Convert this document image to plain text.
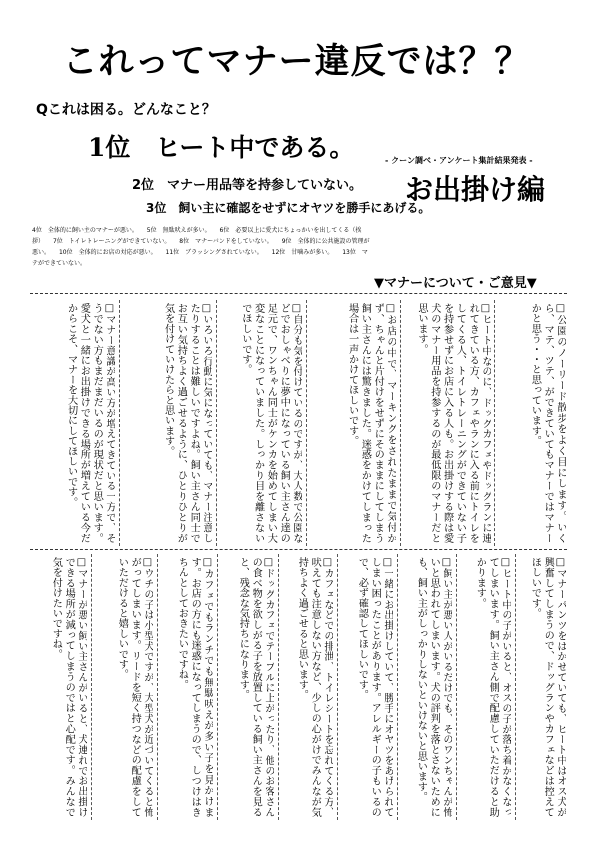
これってマナー違反では？？
Qこれは困る。どんなこと？
1位　ヒート中である。
2位　マナー用品等を持参していない。
3位　飼い主に確認をせずにオヤツを勝手にあげる。
- クーン調べ・アンケート集計結果発表 -
お出掛け編
4位　全体的に飼い主のマナーが悪い。 5位　無駄吠えが多い。 6位　必要以上に愛犬にちょっかいを出してくる（挨拶） 7位　トイレトレーニングができていない。 8位　マナーバンドをしていない。 9位　全体的に公共施設の管理が悪い。 10位　全体的にお店の対応が悪い。 11位　ブラッシングされていない。 12位　甘噛みが多い。 13位　マテができていない。
▼マナーについて・ご意見▼
□公園のノーリード散歩をよく目にします。いくら、マテ、ツテ、ができていてもマナーではマナーかと思う・・と思っています。
□ヒート中なのに、ドッグカフェやドッグランに連れてきている方、カフェやランに入る前にトイレをしてくる人、トイレトレーニングができていない子を持参せずにお店に入る人も。お出掛けする際は愛犬のマナー用品を持参するのが最低限のマナーだと思います。
□お店の中で、マーキングをされたままで気付かず、ちゃんと片付けをせずにそのままにしてしまう飼い主さんには驚きました。迷惑をかけてしまった場合は一声かけてほしいです。
□自分も気を付けているのですが、大人数で公園などでおしゃべりに夢中になっている飼い主さん達の足元で、ワンちゃん同士がケンカを始めてしまい大変なことになっていました。しっかり目を離さないでほしいです。
□いろいろ行動に気になっていても、マナー注意したりすることは難しいですよね。飼い主さん同士でお互い気持ちよく過ごせるように、ひとりひとりが気を付けていけたらと思います。
□マナー意識が高い方が増えてきている一方で、そうでない方もまだまだいるのが現状だと思います。愛犬と一緒にお出掛けできる場所が増えている今だからこそ、マナーを大切にしてほしいです。
□マナーパンツをはかせていても、ヒート中はオス犬が興奮してしまうので、ドッグランやカフェなどは控えてほしいです。
□ヒート中の子がいると、オスの子が落ち着かなくなってしまいます。飼い主さん側で配慮していただけると助かります。
□飼い主が悪い人がいるだけでも、そのワンちゃんが怖いと思われてしまいます。犬の評判を落とさないためにも、飼い主がしっかりしないといけないと思います。
□一緒にお出掛けしていて、勝手にオヤツをあげられてしまい困ったことがあります。アレルギーの子もいるので、必ず確認してほしいです。
□カフェなどでの排泄、トイレシートを忘れてくる方、吠えても注意しない方など、少しの心がけでみんなが気持ちよく過ごせると思います。
□ドッグカフェでテーブルに上がったり、他のお客さんの食べ物を欲しがる子を放置している飼い主さんを見ると、残念な気持ちになります。
□カフェでもランチでも無駄吠えが多い子を見かけます。お店の方にも迷惑になってしまうので、しつけはきちんとしておきたいですね。
□ウチの子は小型犬ですが、大型犬が近づいてくると怖がってしまいます。リードを短く持つなどの配慮をしていただけると嬉しいです。
□マナーが悪い飼い主さんがいると、犬連れでお出掛けできる場所が減ってしまうのではと心配です。みんなで気を付けたいですね。
